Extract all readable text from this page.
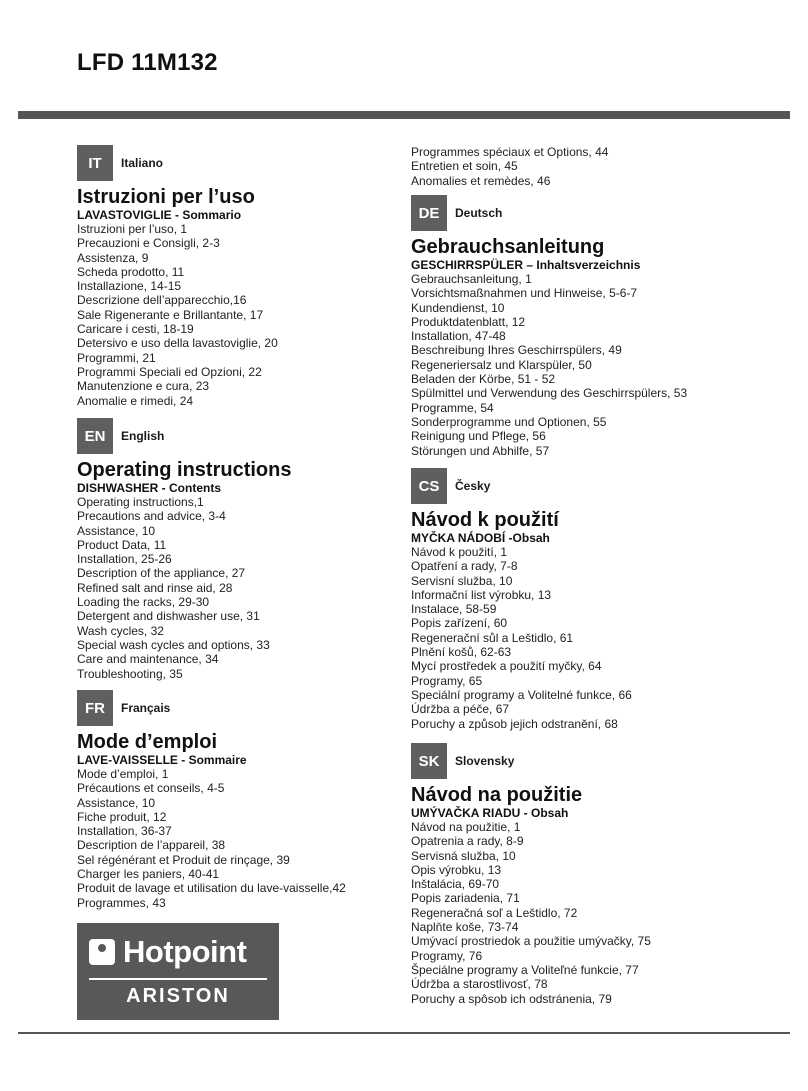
LFD 11M132
IT	Italiano
Istruzioni per l’uso
LAVASTOVIGLIE - Sommario
Istruzioni per l’uso, 1
Precauzioni e Consigli, 2-3
Assistenza, 9
Scheda prodotto, 11
Installazione, 14-15
Descrizione dell’apparecchio,16
Sale Rigenerante e Brillantante, 17
Caricare i cesti, 18-19
Detersivo e uso della lavastoviglie, 20
Programmi, 21
Programmi Speciali ed Opzioni, 22
Manutenzione e cura, 23
Anomalie e rimedi, 24
EN	English
Operating instructions
DISHWASHER - Contents
Operating instructions,1
Precautions and advice, 3-4
Assistance, 10
Product Data, 11
Installation, 25-26
Description of the appliance, 27
Refined salt and rinse aid, 28
Loading the racks, 29-30
Detergent and dishwasher use, 31
Wash cycles, 32
Special wash cycles and options, 33
Care and maintenance, 34
Troubleshooting, 35
FR	Français
Mode d’emploi
LAVE-VAISSELLE - Sommaire
Mode d’emploi, 1
Précautions et conseils, 4-5
Assistance, 10
Fiche produit, 12
Installation, 36-37
Description de l’appareil, 38
Sel régénérant et Produit de rinçage, 39
Charger les paniers, 40-41
Produit de lavage et utilisation du lave-vaisselle,42
Programmes, 43
Programmes spéciaux et Options, 44
Entretien et soin, 45
Anomalies et remèdes, 46
DE	Deutsch
Gebrauchsanleitung
GESCHIRRSPÜLER – Inhaltsverzeichnis
Gebrauchsanleitung, 1
Vorsichtsmaßnahmen und Hinweise, 5-6-7
Kundendienst, 10
Produktdatenblatt, 12
Installation, 47-48
Beschreibung Ihres Geschirrspülers, 49
Regeneriersalz und Klarspüler, 50
Beladen der Körbe, 51 - 52
Spülmittel und Verwendung des Geschirrspülers, 53
Programme, 54
Sonderprogramme und Optionen, 55
Reinigung und Pflege, 56
Störungen und Abhilfe, 57
CS	Česky
Návod k použití
MYČKA NÁDOBÍ -Obsah
Návod k použití, 1
Opatření a rady, 7-8
Servisní služba, 10
Informační list výrobku, 13
Instalace, 58-59
Popis zařízení, 60
Regenerační sůl a Leštidlo, 61
Plnění košů, 62-63
Mycí prostředek a použití myčky, 64
Programy, 65
Speciální programy a Volitelné funkce, 66
Údržba a péče, 67
Poruchy a způsob jejich odstranění, 68
SK	Slovensky
Návod na použitie
UMÝVAČKA RIADU - Obsah
Návod na použitie, 1
Opatrenia a rady, 8-9
Servisná služba, 10
Opis výrobku, 13
Inštalácia, 69-70
Popis zariadenia, 71
Regeneračná soľ a Leštidlo, 72
Naplňte koše, 73-74
Umývací prostriedok a použitie umývačky, 75
Programy, 76
Špeciálne programy a Voliteľné funkcie, 77
Údržba a starostlivosť, 78
Poruchy a spôsob ich odstránenia, 79
Hotpoint
ARISTON
